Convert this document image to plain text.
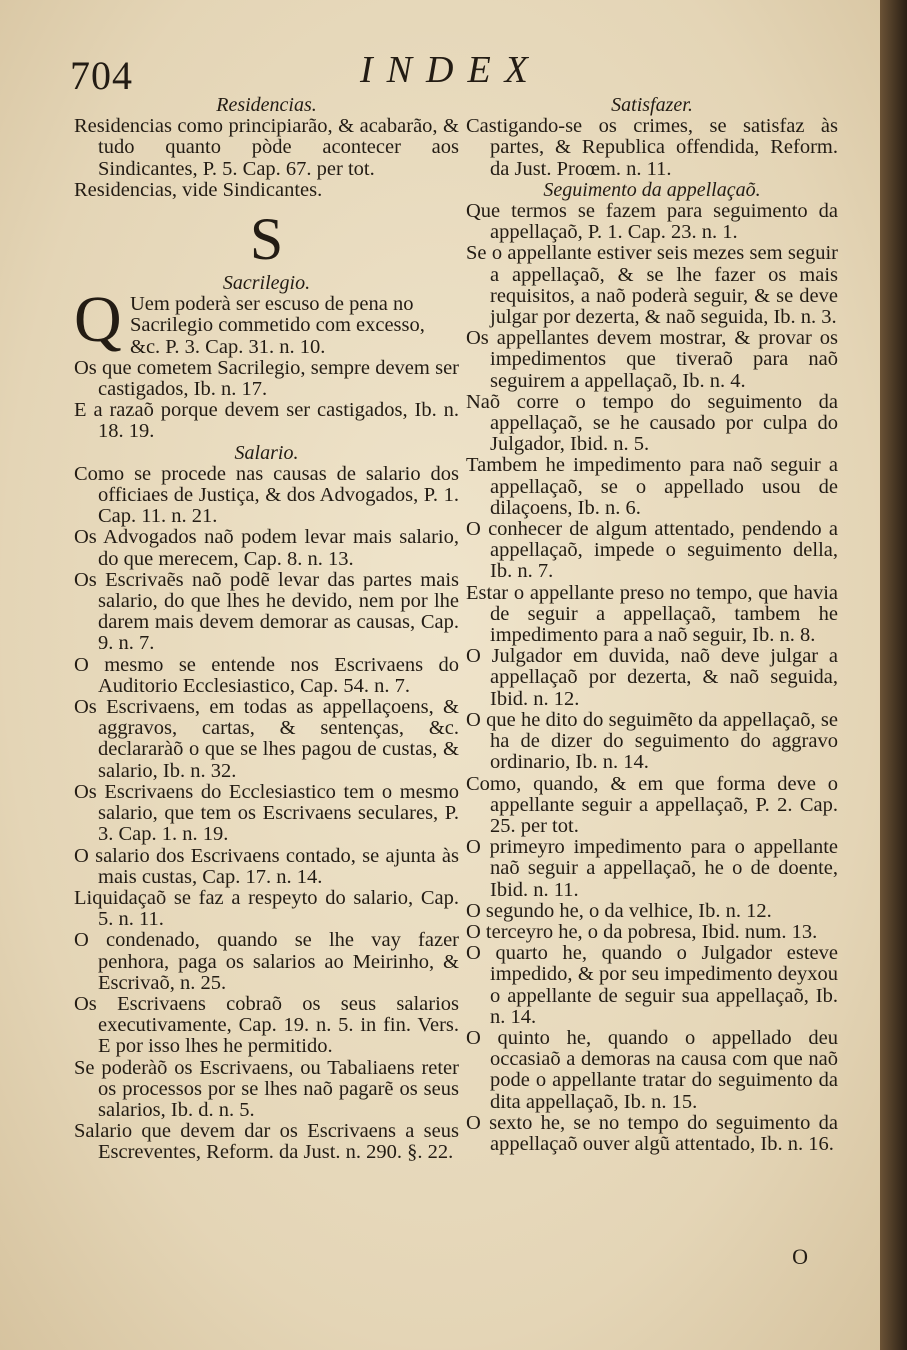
704	INDEX

Residencias.

Residencias como principiarão, & acabarão, & tudo quanto pòde acontecer aos Sindicantes, P. 5. Cap. 67. per tot.

Residencias, vide Sindicantes.

S

Sacrilegio.

Q Uem poderà ser escuso de pena no Sacrilegio commetido com excesso, &c. P. 3. Cap. 31. n. 10.

Os que cometem Sacrilegio, sempre devem ser castigados, Ib. n. 17.

E a razaõ porque devem ser castigados, Ib. n. 18. 19.

Salario.

Como se procede nas causas de salario dos officiaes de Justiça, & dos Advogados, P. 1. Cap. 11. n. 21.

Os Advogados naõ podem levar mais salario, do que merecem, Cap. 8. n. 13.

Os Escrivaẽs naõ podẽ levar das partes mais salario, do que lhes he devido, nem por lhe darem mais devem demorar as causas, Cap. 9. n. 7.

O mesmo se entende nos Escrivaens do Auditorio Ecclesiastico, Cap. 54. n. 7.

Os Escrivaens, em todas as appellaçoens, & aggravos, cartas, & sentenças, &c. declararàõ o que se lhes pagou de custas, & salario, Ib. n. 32.

Os Escrivaens do Ecclesiastico tem o mesmo salario, que tem os Escrivaens seculares, P. 3. Cap. 1. n. 19.

O salario dos Escrivaens contado, se ajunta às mais custas, Cap. 17. n. 14.

Liquidaçaõ se faz a respeyto do salario, Cap. 5. n. 11.

O condenado, quando se lhe vay fazer penhora, paga os salarios ao Meirinho, & Escrivaõ, n. 25.

Os Escrivaens cobraõ os seus salarios executivamente, Cap. 19. n. 5. in fin. Vers. E por isso lhes he permitido.

Se poderàõ os Escrivaens, ou Tabaliaens reter os processos por se lhes naõ pagarẽ os seus salarios, Ib. d. n. 5.

Salario que devem dar os Escrivaens a seus Escreventes, Reform. da Just. n. 290. §. 22.

Satisfazer.

Castigando-se os crimes, se satisfaz às partes, & Republica offendida, Reform. da Just. Proœm. n. 11.

Seguimento da appellaçaõ.

Que termos se fazem para seguimento da appellaçaõ, P. 1. Cap. 23. n. 1.

Se o appellante estiver seis mezes sem seguir a appellaçaõ, & se lhe fazer os mais requisitos, a naõ poderà seguir, & se deve julgar por dezerta, & naõ seguida, Ib. n. 3.

Os appellantes devem mostrar, & provar os impedimentos que tiveraõ para naõ seguirem a appellaçaõ, Ib. n. 4.

Naõ corre o tempo do seguimento da appellaçaõ, se he causado por culpa do Julgador, Ibid. n. 5.

Tambem he impedimento para naõ seguir a appellaçaõ, se o appellado usou de dilaçoens, Ib. n. 6.

O conhecer de algum attentado, pendendo a appellaçaõ, impede o seguimento della, Ib. n. 7.

Estar o appellante preso no tempo, que havia de seguir a appellaçaõ, tambem he impedimento para a naõ seguir, Ib. n. 8.

O Julgador em duvida, naõ deve julgar a appellaçaõ por dezerta, & naõ seguida, Ibid. n. 12.

O que he dito do seguimẽto da appellaçaõ, se ha de dizer do seguimento do aggravo ordinario, Ib. n. 14.

Como, quando, & em que forma deve o appellante seguir a appellaçaõ, P. 2. Cap. 25. per tot.

O primeyro impedimento para o appellante naõ seguir a appellaçaõ, he o de doente, Ibid. n. 11.

O segundo he, o da velhice, Ib. n. 12.

O terceyro he, o da pobresa, Ibid. num. 13.

O quarto he, quando o Julgador esteve impedido, & por seu impedimento deyxou o appellante de seguir sua appellaçaõ, Ib. n. 14.

O quinto he, quando o appellado deu occasiaõ a demoras na causa com que naõ pode o appellante tratar do seguimento da dita appellaçaõ, Ib. n. 15.

O sexto he, se no tempo do seguimento da appellaçaõ ouver algũ attentado, Ib. n. 16.

O
